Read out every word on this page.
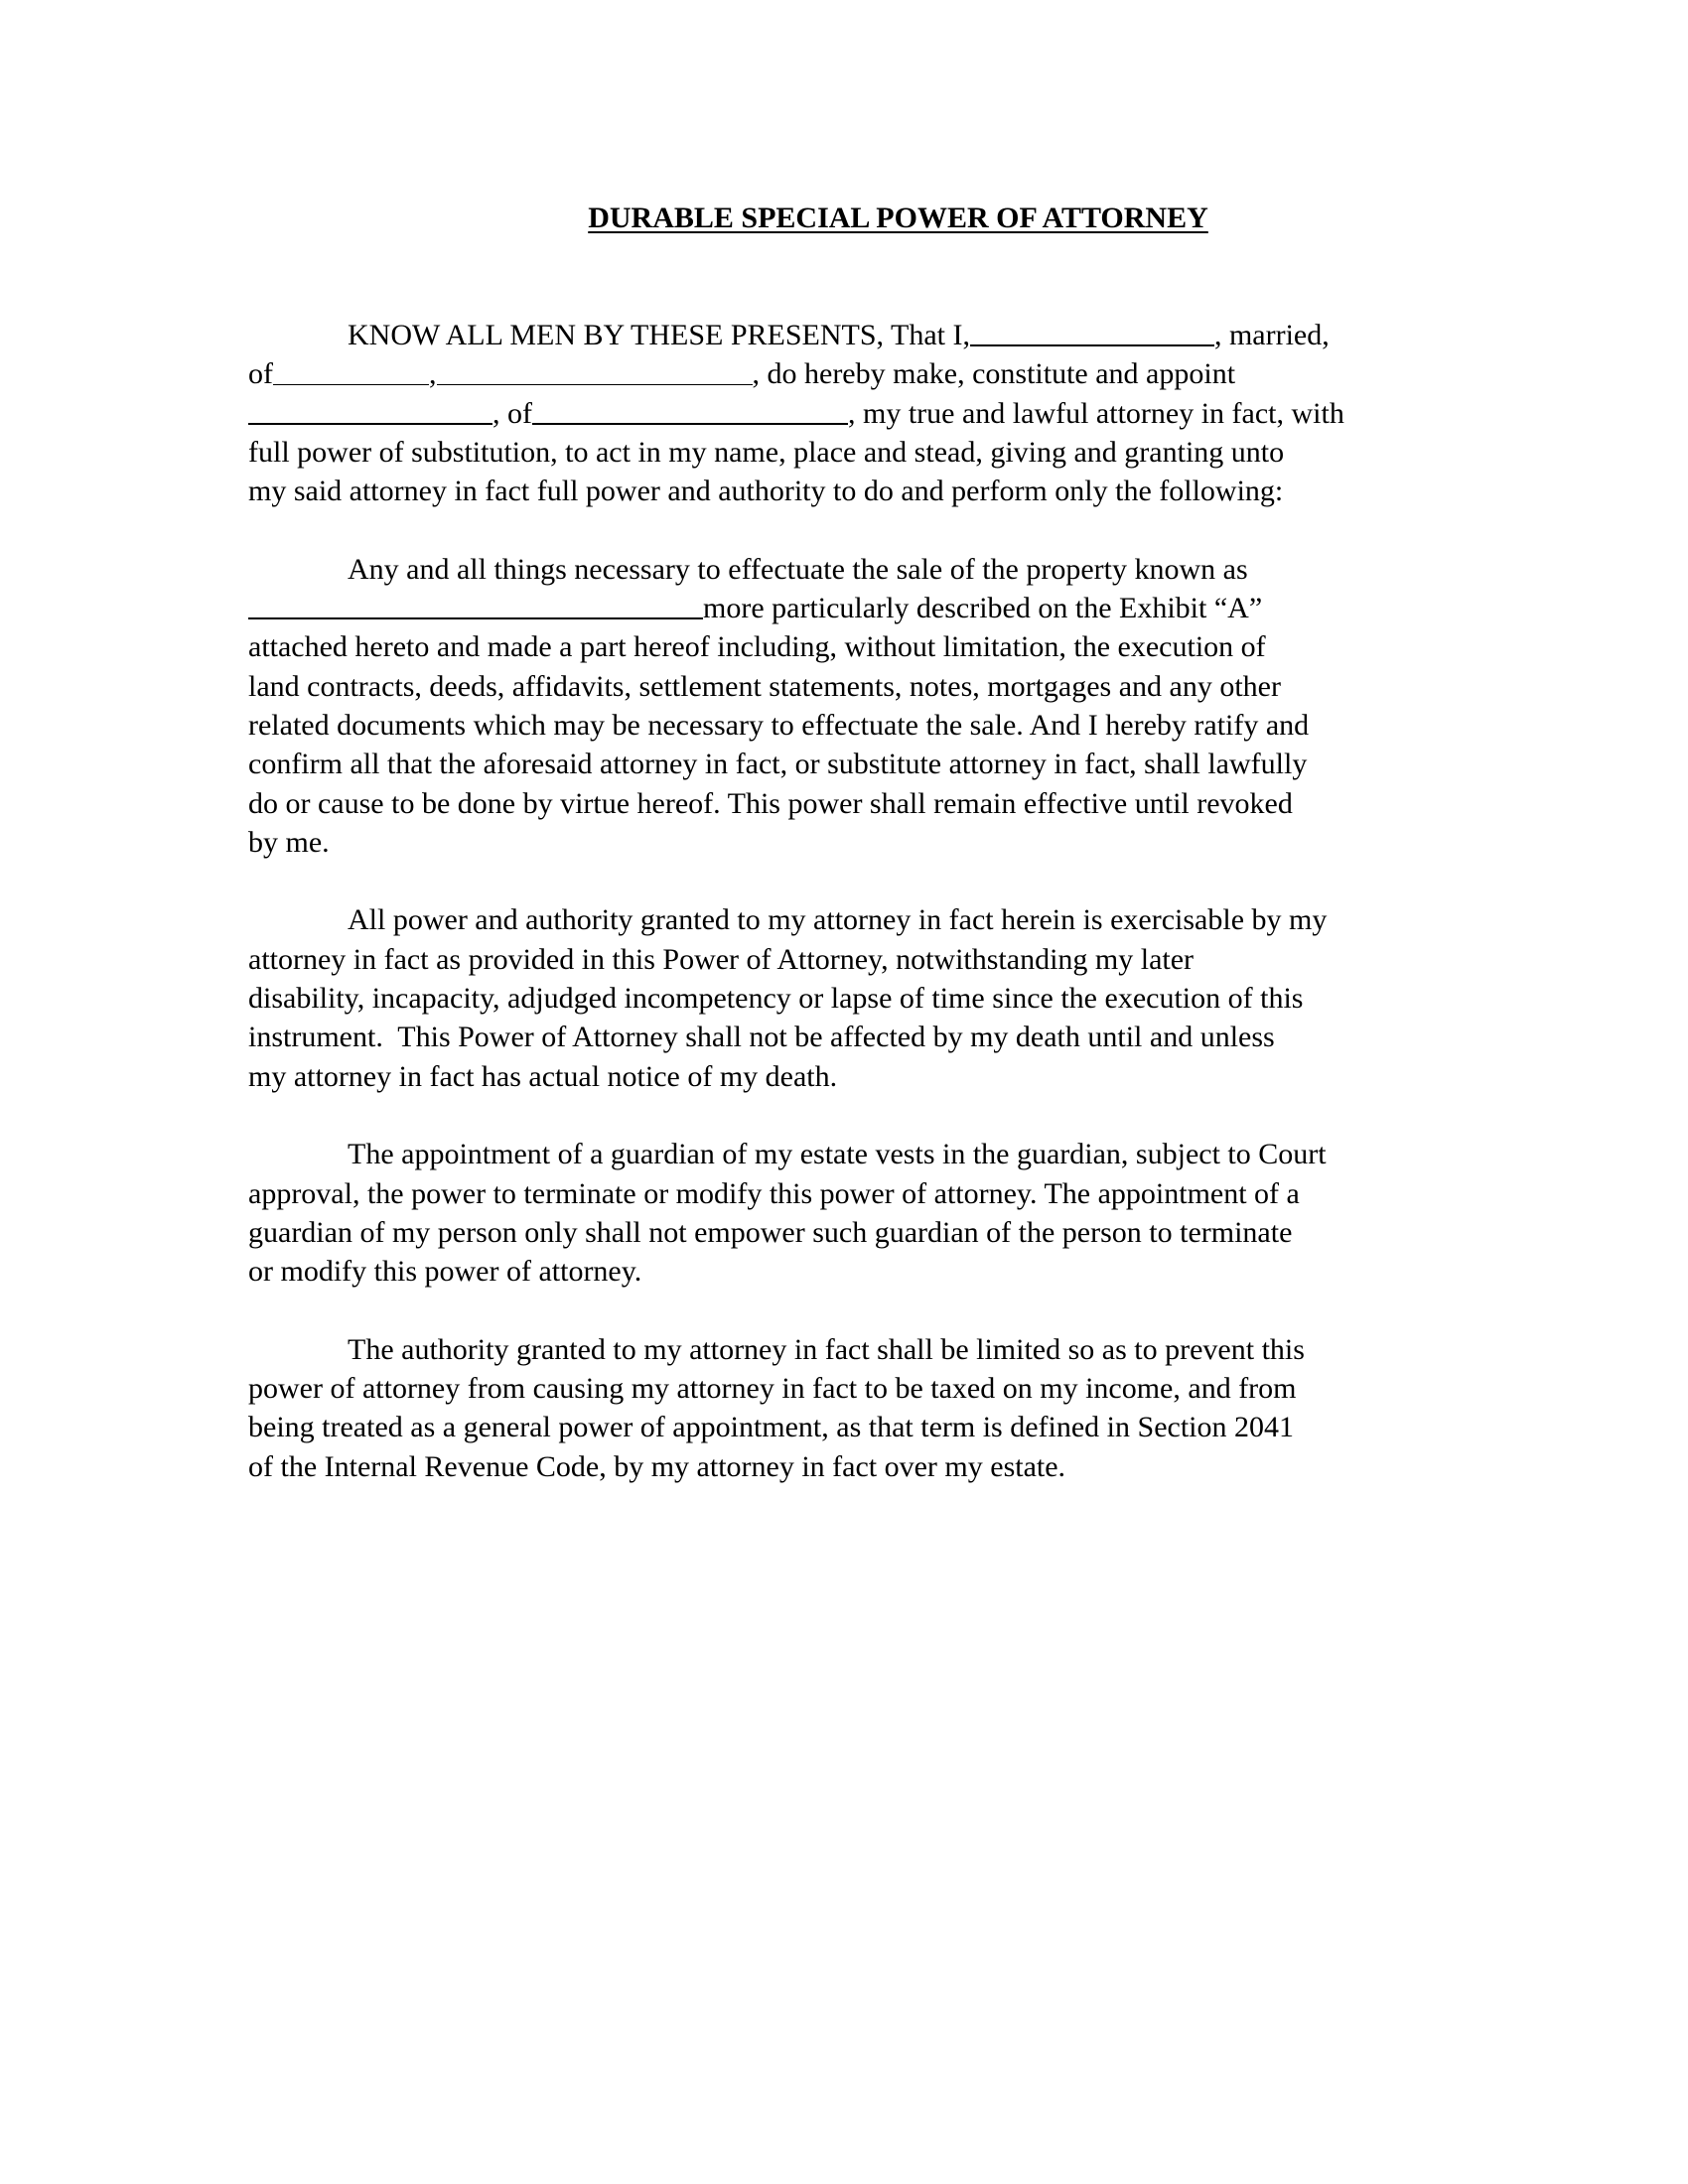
DURABLE SPECIAL POWER OF ATTORNEY

KNOW ALL MEN BY THESE PRESENTS, That I,	, married,
of	,	, do hereby make, constitute and appoint
, of	, my true and lawful attorney in fact, with
full power of substitution, to act in my name, place and stead, giving and granting unto
my said attorney in fact full power and authority to do and perform only the following:

Any and all things necessary to effectuate the sale of the property known as
more particularly described on the Exhibit “A”
attached hereto and made a part hereof including, without limitation, the execution of
land contracts, deeds, affidavits, settlement statements, notes, mortgages and any other
related documents which may be necessary to effectuate the sale. And I hereby ratify and
confirm all that the aforesaid attorney in fact, or substitute attorney in fact, shall lawfully
do or cause to be done by virtue hereof. This power shall remain effective until revoked
by me.

All power and authority granted to my attorney in fact herein is exercisable by my
attorney in fact as provided in this Power of Attorney, notwithstanding my later
disability, incapacity, adjudged incompetency or lapse of time since the execution of this
instrument.  This Power of Attorney shall not be affected by my death until and unless
my attorney in fact has actual notice of my death.

The appointment of a guardian of my estate vests in the guardian, subject to Court
approval, the power to terminate or modify this power of attorney. The appointment of a
guardian of my person only shall not empower such guardian of the person to terminate
or modify this power of attorney.

The authority granted to my attorney in fact shall be limited so as to prevent this
power of attorney from causing my attorney in fact to be taxed on my income, and from
being treated as a general power of appointment, as that term is defined in Section 2041
of the Internal Revenue Code, by my attorney in fact over my estate.
